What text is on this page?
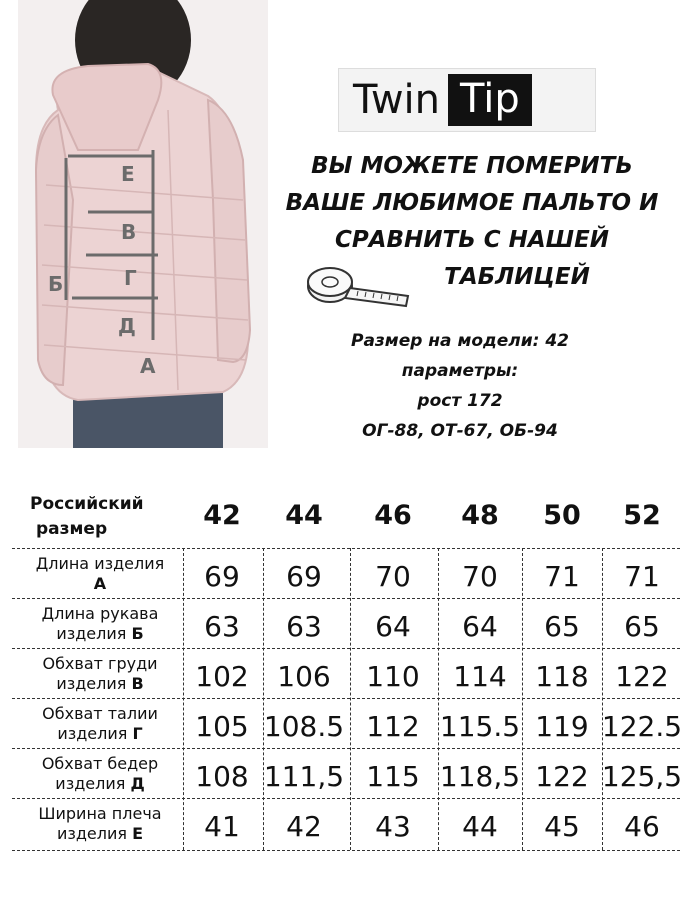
Е
В
Б	Г
Д
А
Twin Tip
ВЫ МОЖЕТЕ ПОМЕРИТЬ
ВАШЕ ЛЮБИМОЕ ПАЛЬТО И
СРАВНИТЬ С НАШЕЙ
ТАБЛИЦЕЙ
Размер на модели: 42
параметры:
рост 172
ОГ-88, ОТ-67, ОБ-94
Российский
размер	42	44	46	48	50	52
Длина изделия
А	69	69	70	70	71	71
Длина рукава
изделия Б	63	63	64	64	65	65
Обхват груди
изделия В	102	106	110	114	118 122
Обхват талии
изделия Г	105 108.5 112 115.5 119 122.5
Обхват бедер
изделия Д	108 111,5 115 118,5 122 125,5
Ширина плеча
изделия Е	41	42	43	44	45	46
